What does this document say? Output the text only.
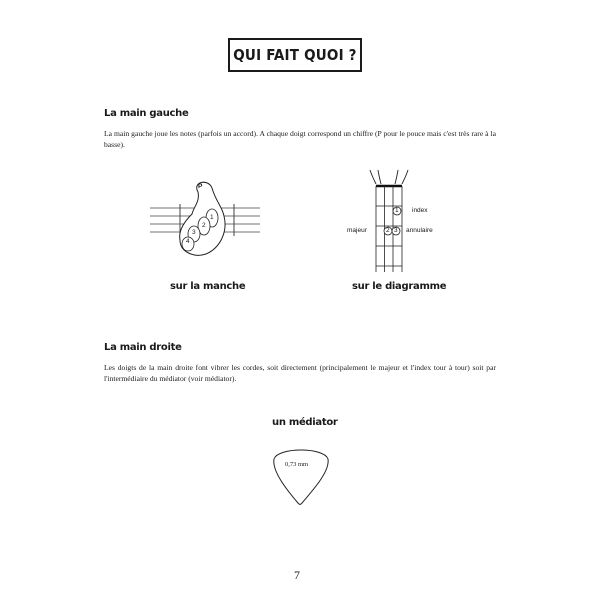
QUI FAIT QUOI ?
La main gauche
La main gauche joue les notes (parfois un accord). A chaque doigt correspond un chiffre (P pour le pouce mais c'est très rare à la basse).
P
1
2
3
4
sur la manche
1
2 3
index
majeur	annulaire
sur le diagramme
La main droite
Les doigts de la main droite font vibrer les cordes, soit directement (principalement le majeur et l'index tour à tour) soit par l'intermédiaire du médiator (voir médiator).
un médiator
0,73 mm
7
